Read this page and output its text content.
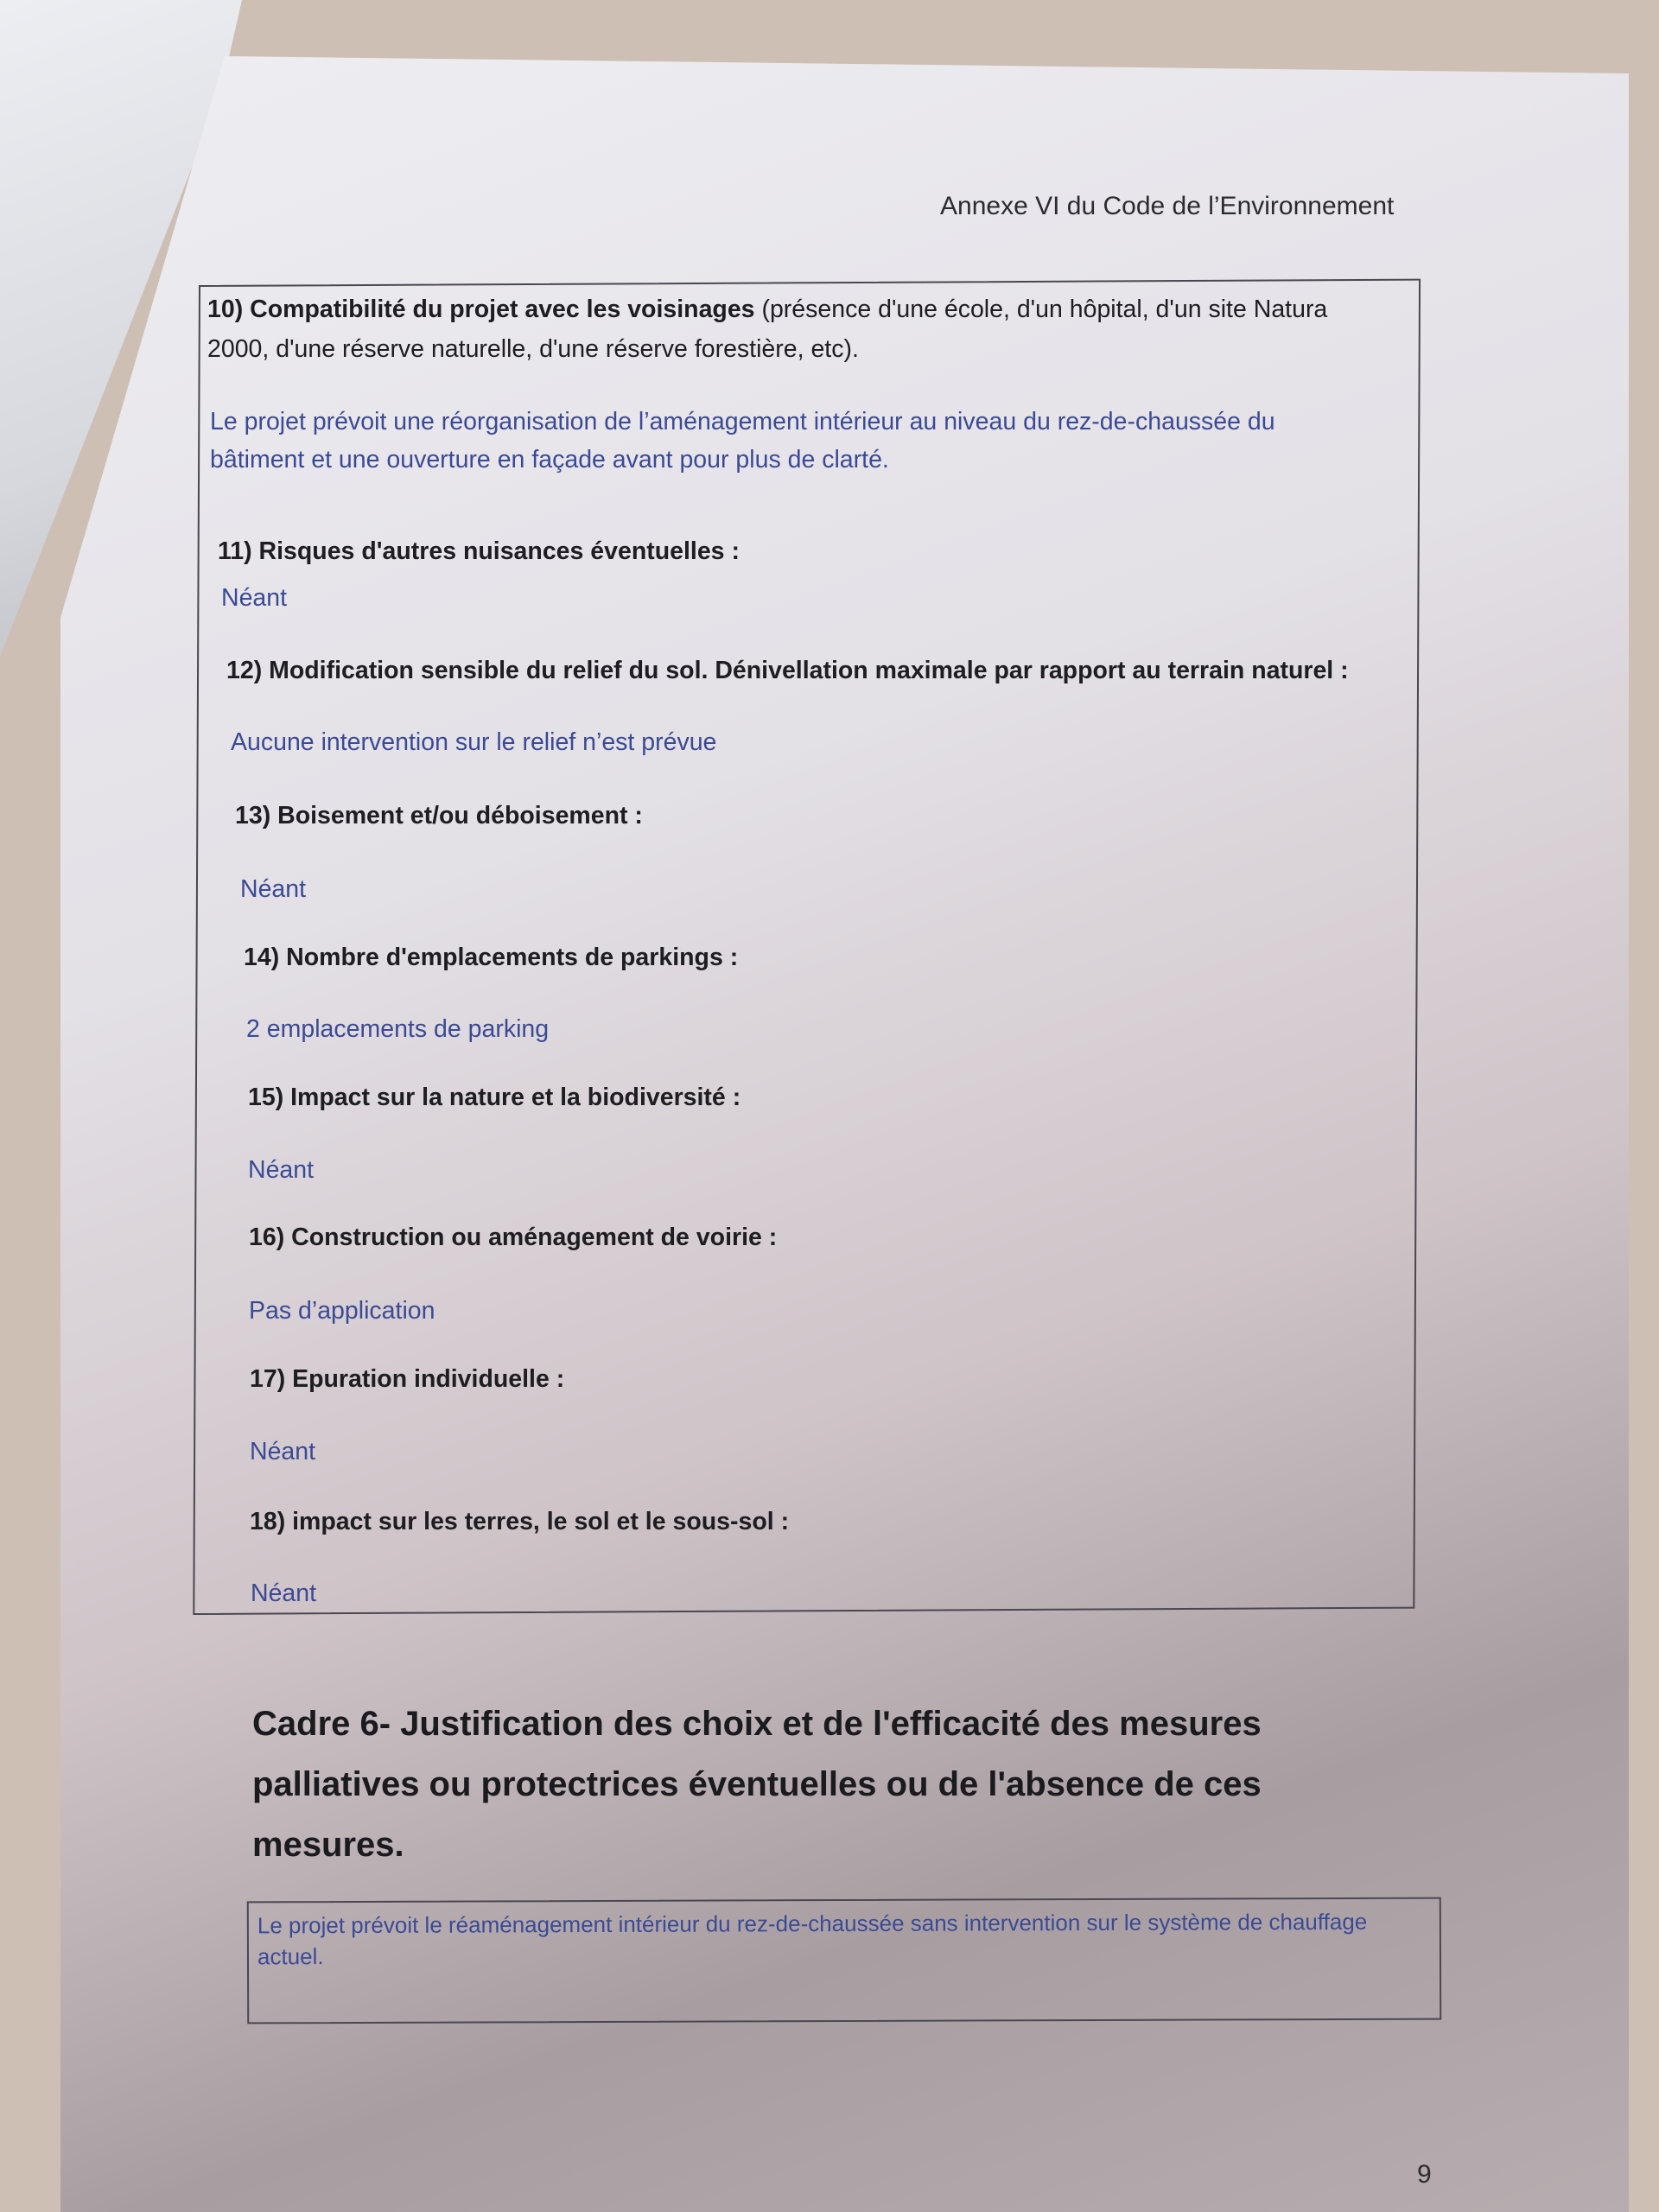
Annexe VI du Code de l’Environnement
10) Compatibilité du projet avec les voisinages (présence d'une école, d'un hôpital, d'un site Natura
2000, d'une réserve naturelle, d'une réserve forestière, etc).
Le projet prévoit une réorganisation de l’aménagement intérieur au niveau du rez-de-chaussée du
bâtiment et une ouverture en façade avant pour plus de clarté.
11) Risques d'autres nuisances éventuelles :
Néant
12) Modification sensible du relief du sol. Dénivellation maximale par rapport au terrain naturel :
Aucune intervention sur le relief n’est prévue
13) Boisement et/ou déboisement :
Néant
14) Nombre d'emplacements de parkings :
2 emplacements de parking
15) Impact sur la nature et la biodiversité :
Néant
16) Construction ou aménagement de voirie :
Pas d’application
17) Epuration individuelle :
Néant
18) impact sur les terres, le sol et le sous-sol :
Néant
Cadre 6- Justification des choix et de l'efficacité des mesures
palliatives ou protectrices éventuelles ou de l'absence de ces
mesures.
Le projet prévoit le réaménagement intérieur du rez-de-chaussée sans intervention sur le système de chauffage actuel.
9
